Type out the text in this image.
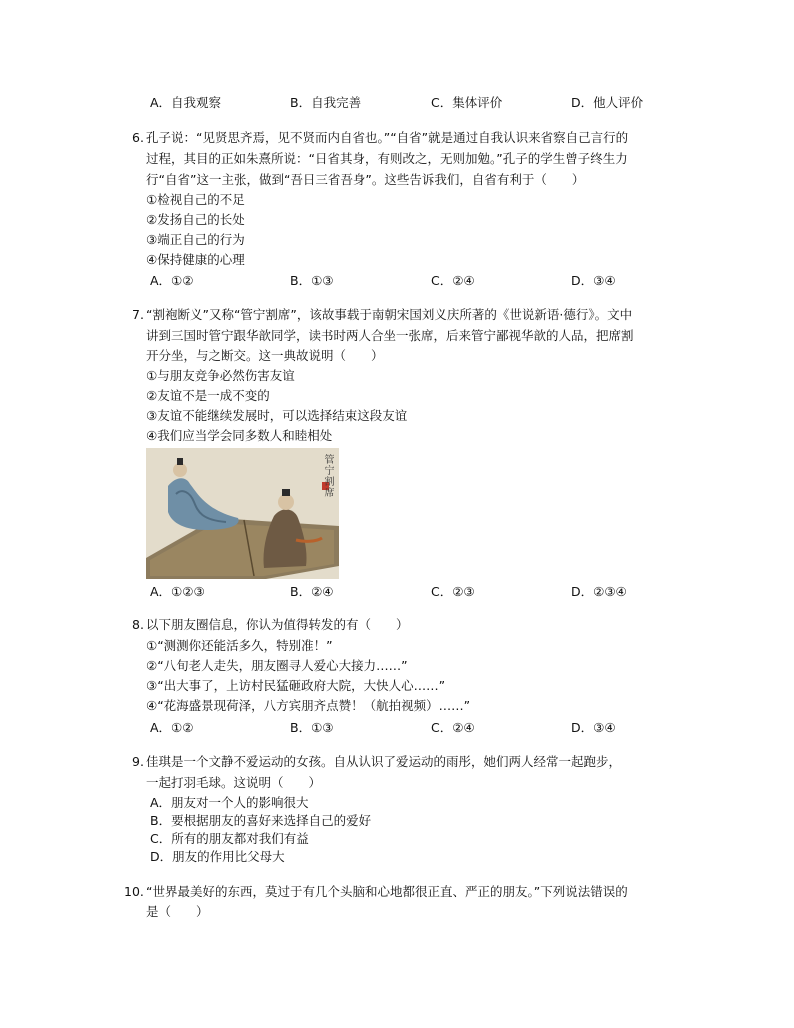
A．自我观察	B．自我完善	C．集体评价	D．他人评价
6. 孔子说：“见贤思齐焉，见不贤而内自省也。”“自省”就是通过自我认识来省察自己言行的
过程，其目的正如朱熹所说：“日省其身，有则改之，无则加勉。”孔子的学生曾子终生力
行“自省”这一主张，做到“吾日三省吾身”。这些告诉我们，自省有利于（　　）
①检视自己的不足
②发扬自己的长处
③端正自己的行为
④保持健康的心理
A．①②	B．①③	C．②④	D．③④
7. “割袍断义”又称“管宁割席”，该故事载于南朝宋国刘义庆所著的《世说新语·德行》。文中
讲到三国时管宁跟华歆同学，读书时两人合坐一张席，后来管宁鄙视华歆的人品，把席割
开分坐，与之断交。这一典故说明（　　）
①与朋友竞争必然伤害友谊
②友谊不是一成不变的
③友谊不能继续发展时，可以选择结束这段友谊
④我们应当学会同多数人和睦相处
管宁割席
A．①②③	B．②④	C．②③	D．②③④
8. 以下朋友圈信息，你认为值得转发的有（　　）
①“测测你还能活多久，特别准！”
②“八旬老人走失，朋友圈寻人爱心大接力……”
③“出大事了，上访村民猛砸政府大院，大快人心……”
④“花海盛景现荷泽，八方宾朋齐点赞！（航拍视频）……”
A．①②	B．①③	C．②④	D．③④
9. 佳琪是一个文静不爱运动的女孩。自从认识了爱运动的雨彤，她们两人经常一起跑步，
一起打羽毛球。这说明（　　）
A．朋友对一个人的影响很大
B．要根据朋友的喜好来选择自己的爱好
C．所有的朋友都对我们有益
D．朋友的作用比父母大
10. “世界最美好的东西，莫过于有几个头脑和心地都很正直、严正的朋友。”下列说法错误的
是（　　）
